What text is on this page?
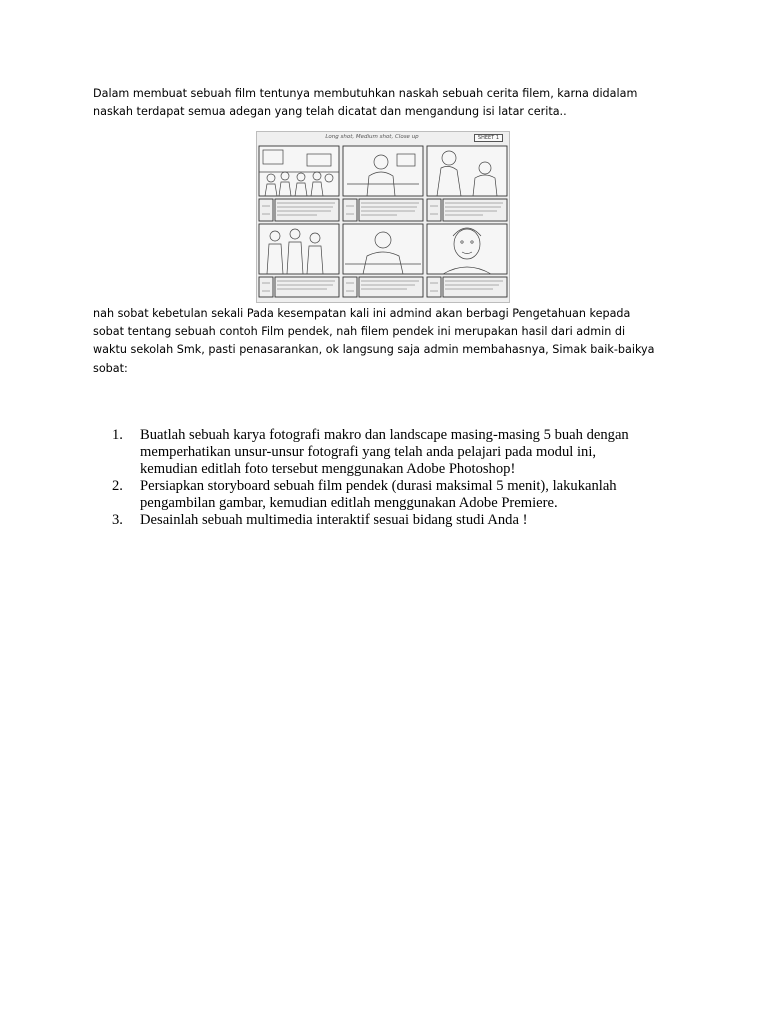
Dalam membuat sebuah film tentunya membutuhkan naskah sebuah cerita filem, karna didalam
naskah terdapat semua adegan yang telah dicatat dan mengandung isi latar cerita..

Long shot, Medium shot, Close up	SHEET 1

nah sobat kebetulan sekali Pada kesempatan kali ini admind akan berbagi Pengetahuan kepada
sobat tentang sebuah contoh Film pendek, nah filem pendek ini merupakan hasil dari admin di
waktu sekolah Smk, pasti penasarankan, ok langsung saja admin membahasnya, Simak baik-baikya
sobat:

1.	Buatlah sebuah karya fotografi makro dan landscape masing-masing 5 buah dengan
memperhatikan unsur-unsur fotografi yang telah anda pelajari pada modul ini,
kemudian editlah foto tersebut menggunakan Adobe Photoshop!
2.	Persiapkan storyboard sebuah film pendek (durasi maksimal 5 menit), lakukanlah
pengambilan gambar, kemudian editlah menggunakan Adobe Premiere.
3.	Desainlah sebuah multimedia interaktif sesuai bidang studi Anda !
